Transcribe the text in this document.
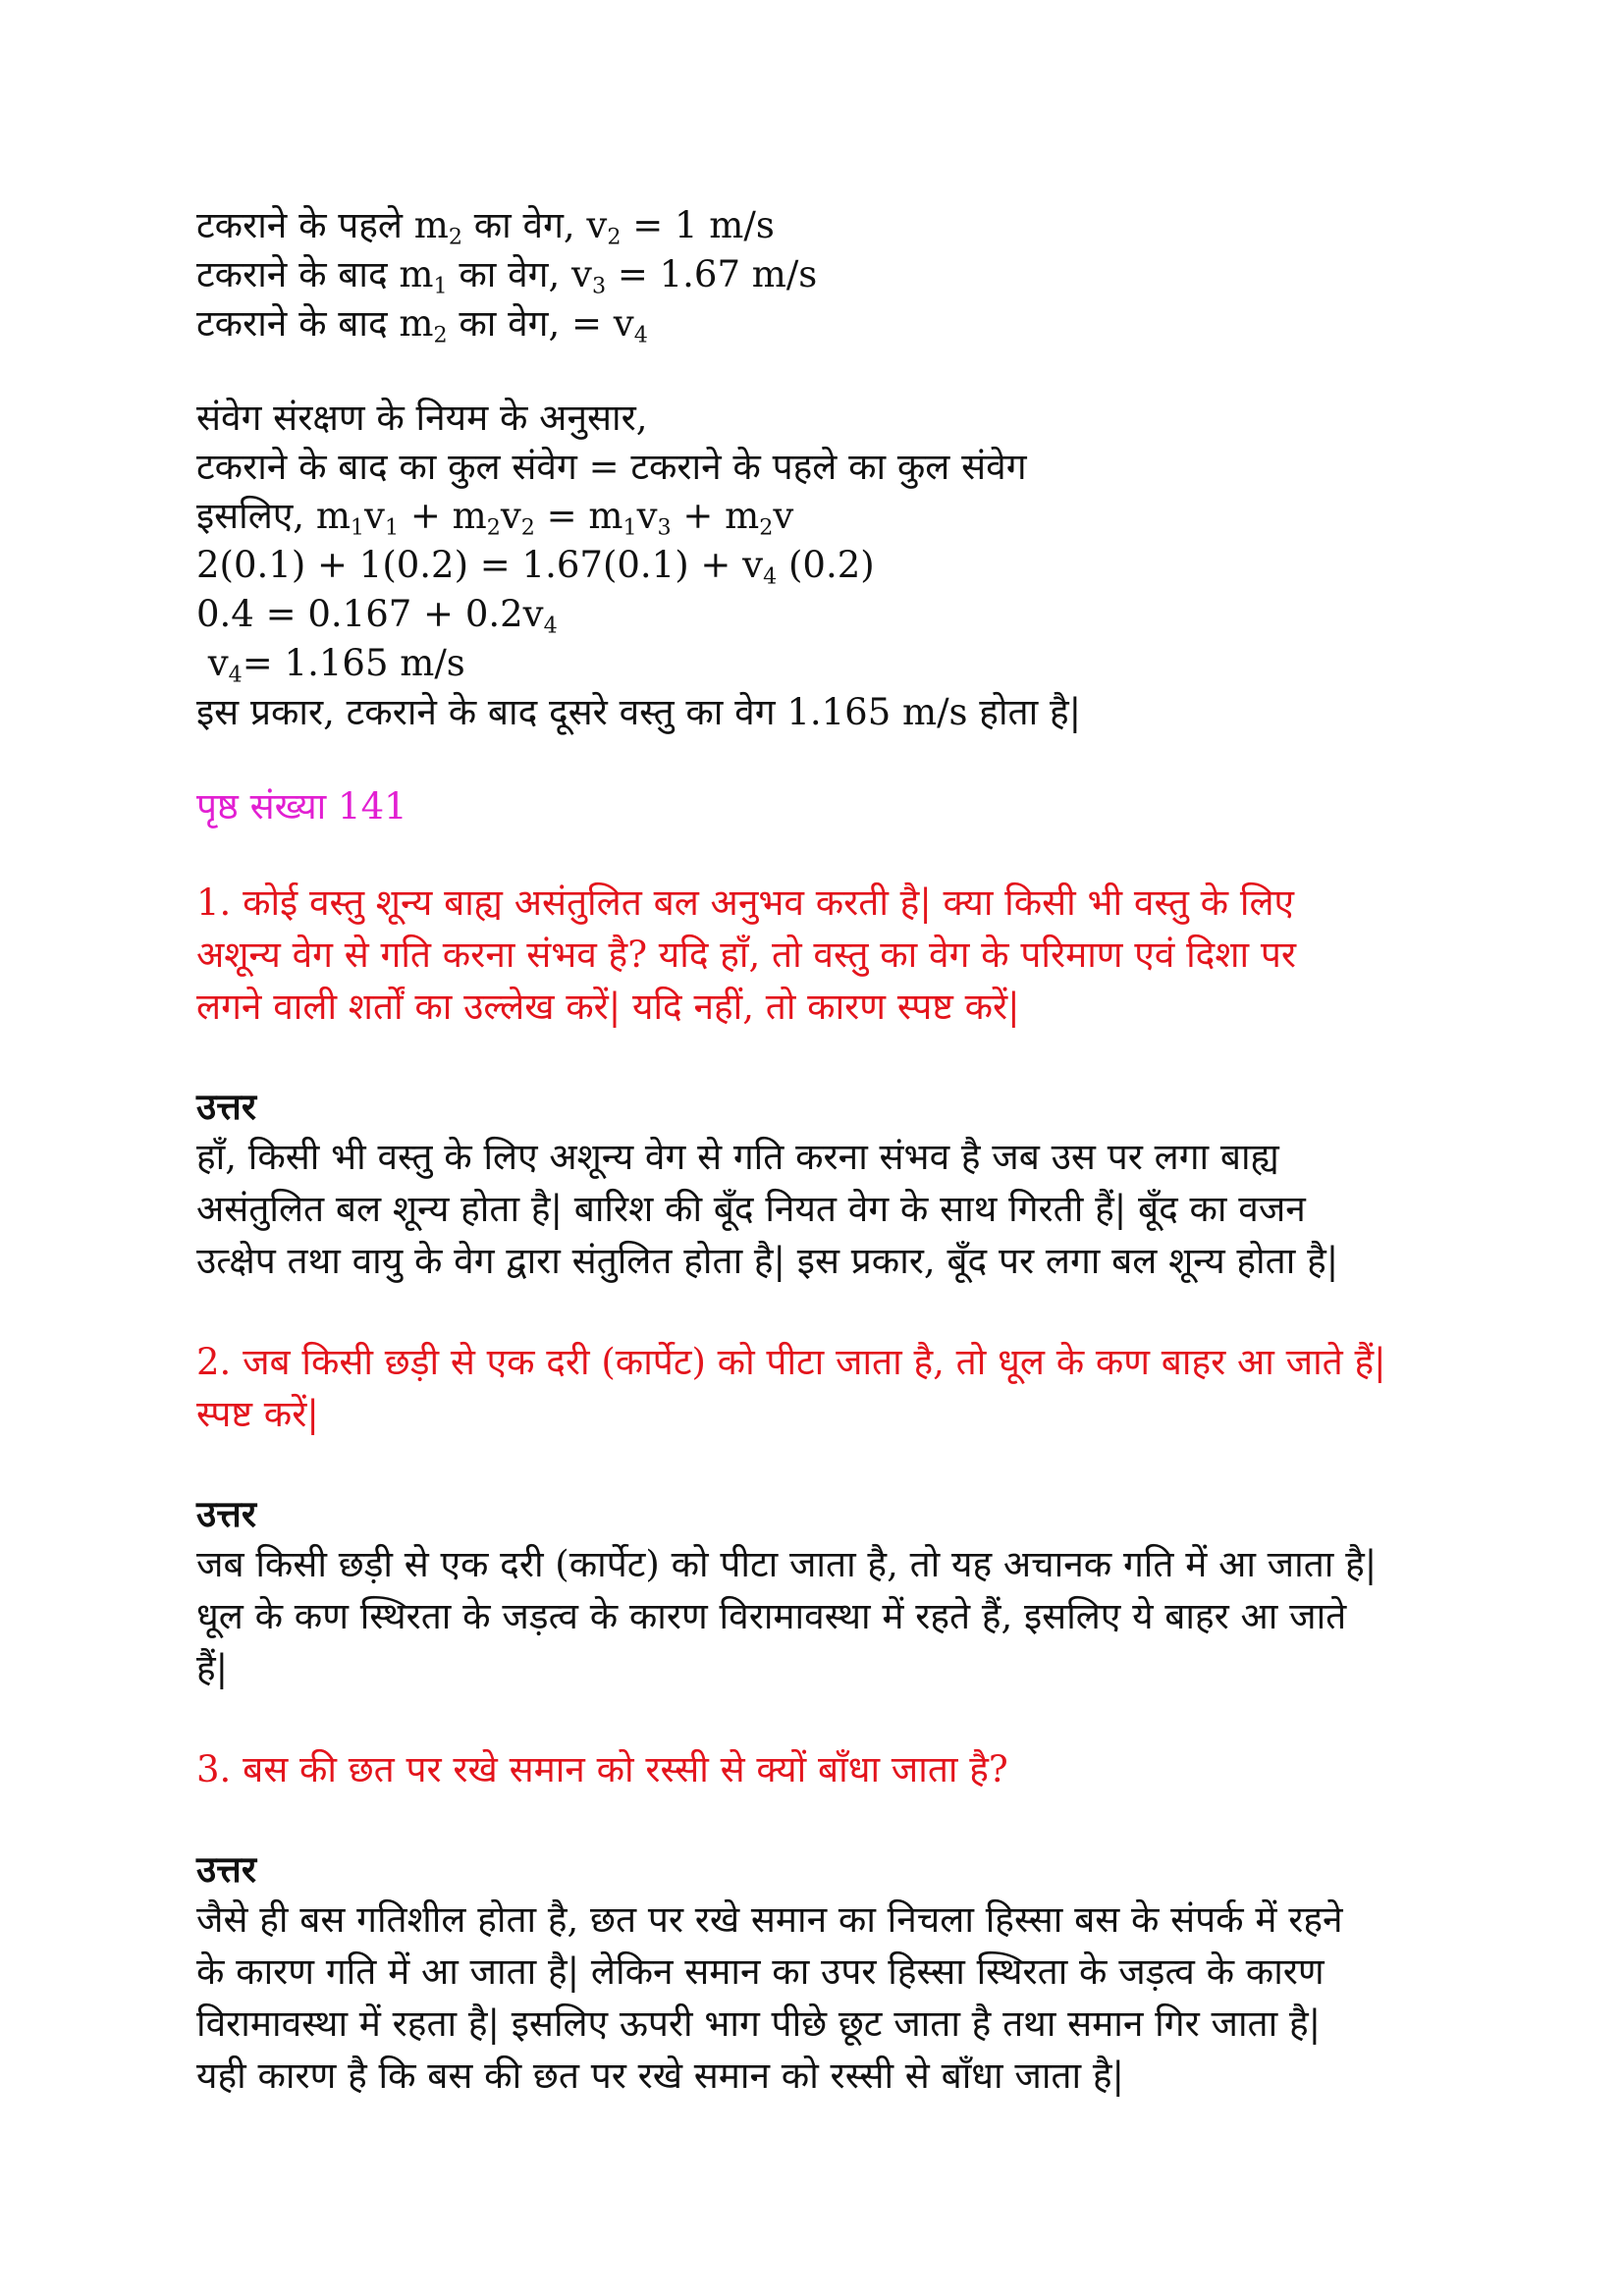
टकराने के पहले $m_2$ का वेग, $v_2 = 1$ m/s
टकराने के बाद $m_1$ का वेग, $v_3 = 1.67$ m/s
टकराने के बाद $m_2$ का वेग, = $v_4$
संवेग संरक्षण के नियम के अनुसार,
टकराने के बाद का कुल संवेग = टकराने के पहले का कुल संवेग
इसलिए, $m_1v_1 + m_2v_2 = m_1v_3 + m_2v$
$2(0.1) + 1(0.2) = 1.67(0.1) + v_4$ (0.2)
$0.4 = 0.167 + 0.2v_4$
$v_4= 1.165$ m/s
इस प्रकार, टकराने के बाद दूसरे वस्तु का वेग 1.165 m/s होता है|
पृष्ठ संख्या 141
1. कोई वस्तु शून्य बाह्य असंतुलित बल अनुभव करती है| क्या किसी भी वस्तु के लिए
अशून्य वेग से गति करना संभव है? यदि हाँ, तो वस्तु का वेग के परिमाण एवं दिशा पर
लगने वाली शर्तों का उल्लेख करें| यदि नहीं, तो कारण स्पष्ट करें|
उत्तर
हाँ, किसी भी वस्तु के लिए अशून्य वेग से गति करना संभव है जब उस पर लगा बाह्य
असंतुलित बल शून्य होता है| बारिश की बूँद नियत वेग के साथ गिरती हैं| बूँद का वजन
उत्क्षेप तथा वायु के वेग द्वारा संतुलित होता है| इस प्रकार, बूँद पर लगा बल शून्य होता है|
2. जब किसी छड़ी से एक दरी (कार्पेट) को पीटा जाता है, तो धूल के कण बाहर आ जाते हैं|
स्पष्ट करें|
उत्तर
जब किसी छड़ी से एक दरी (कार्पेट) को पीटा जाता है, तो यह अचानक गति में आ जाता है|
धूल के कण स्थिरता के जड़त्व के कारण विरामावस्था में रहते हैं, इसलिए ये बाहर आ जाते
हैं|
3. बस की छत पर रखे समान को रस्सी से क्यों बाँधा जाता है?
उत्तर
जैसे ही बस गतिशील होता है, छत पर रखे समान का निचला हिस्सा बस के संपर्क में रहने
के कारण गति में आ जाता है| लेकिन समान का उपर हिस्सा स्थिरता के जड़त्व के कारण
विरामावस्था में रहता है| इसलिए ऊपरी भाग पीछे छूट जाता है तथा समान गिर जाता है|
यही कारण है कि बस की छत पर रखे समान को रस्सी से बाँधा जाता है|
